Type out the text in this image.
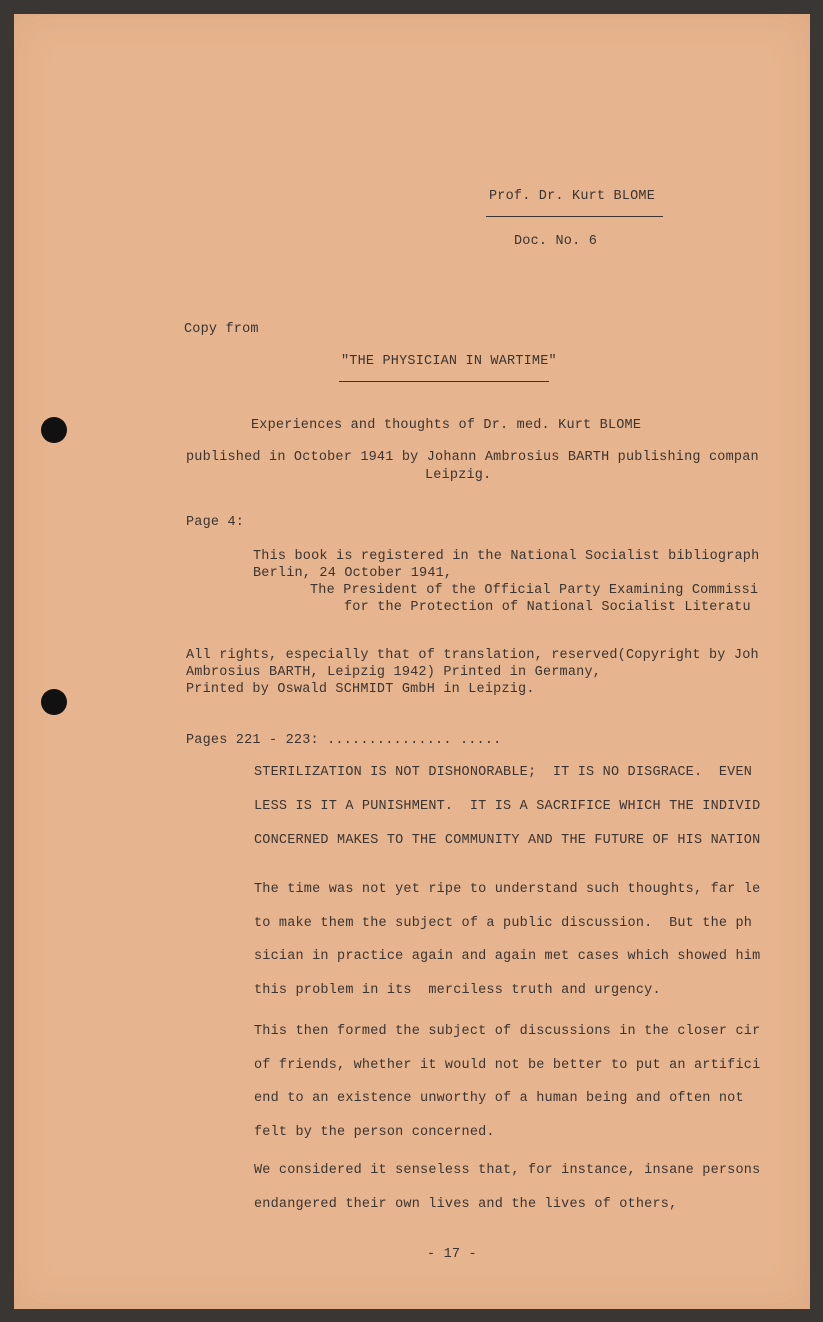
Prof. Dr. Kurt BLOME
Doc. No. 6
Copy from
"THE PHYSICIAN IN WARTIME"
Experiences and thoughts of Dr. med. Kurt BLOME
published in October 1941 by Johann Ambrosius BARTH publishing compan
Leipzig.
Page 4:
This book is registered in the National Socialist bibliograph
Berlin, 24 October 1941,
The President of the Official Party Examining Commissi
for the Protection of National Socialist Literatu
All rights, especially that of translation, reserved(Copyright by Joh
Ambrosius BARTH, Leipzig 1942) Printed in Germany,
Printed by Oswald SCHMIDT GmbH in Leipzig.
Pages 221 - 223: ............... .....
STERILIZATION IS NOT DISHONORABLE;  IT IS NO DISGRACE.  EVEN
LESS IS IT A PUNISHMENT.  IT IS A SACRIFICE WHICH THE INDIVID
CONCERNED MAKES TO THE COMMUNITY AND THE FUTURE OF HIS NATION
The time was not yet ripe to understand such thoughts, far le
to make them the subject of a public discussion.  But the ph
sician in practice again and again met cases which showed him
this problem in its  merciless truth and urgency.
This then formed the subject of discussions in the closer cir
of friends, whether it would not be better to put an artifici
end to an existence unworthy of a human being and often not
felt by the person concerned.
We considered it senseless that, for instance, insane persons
endangered their own lives and the lives of others,
- 17 -
